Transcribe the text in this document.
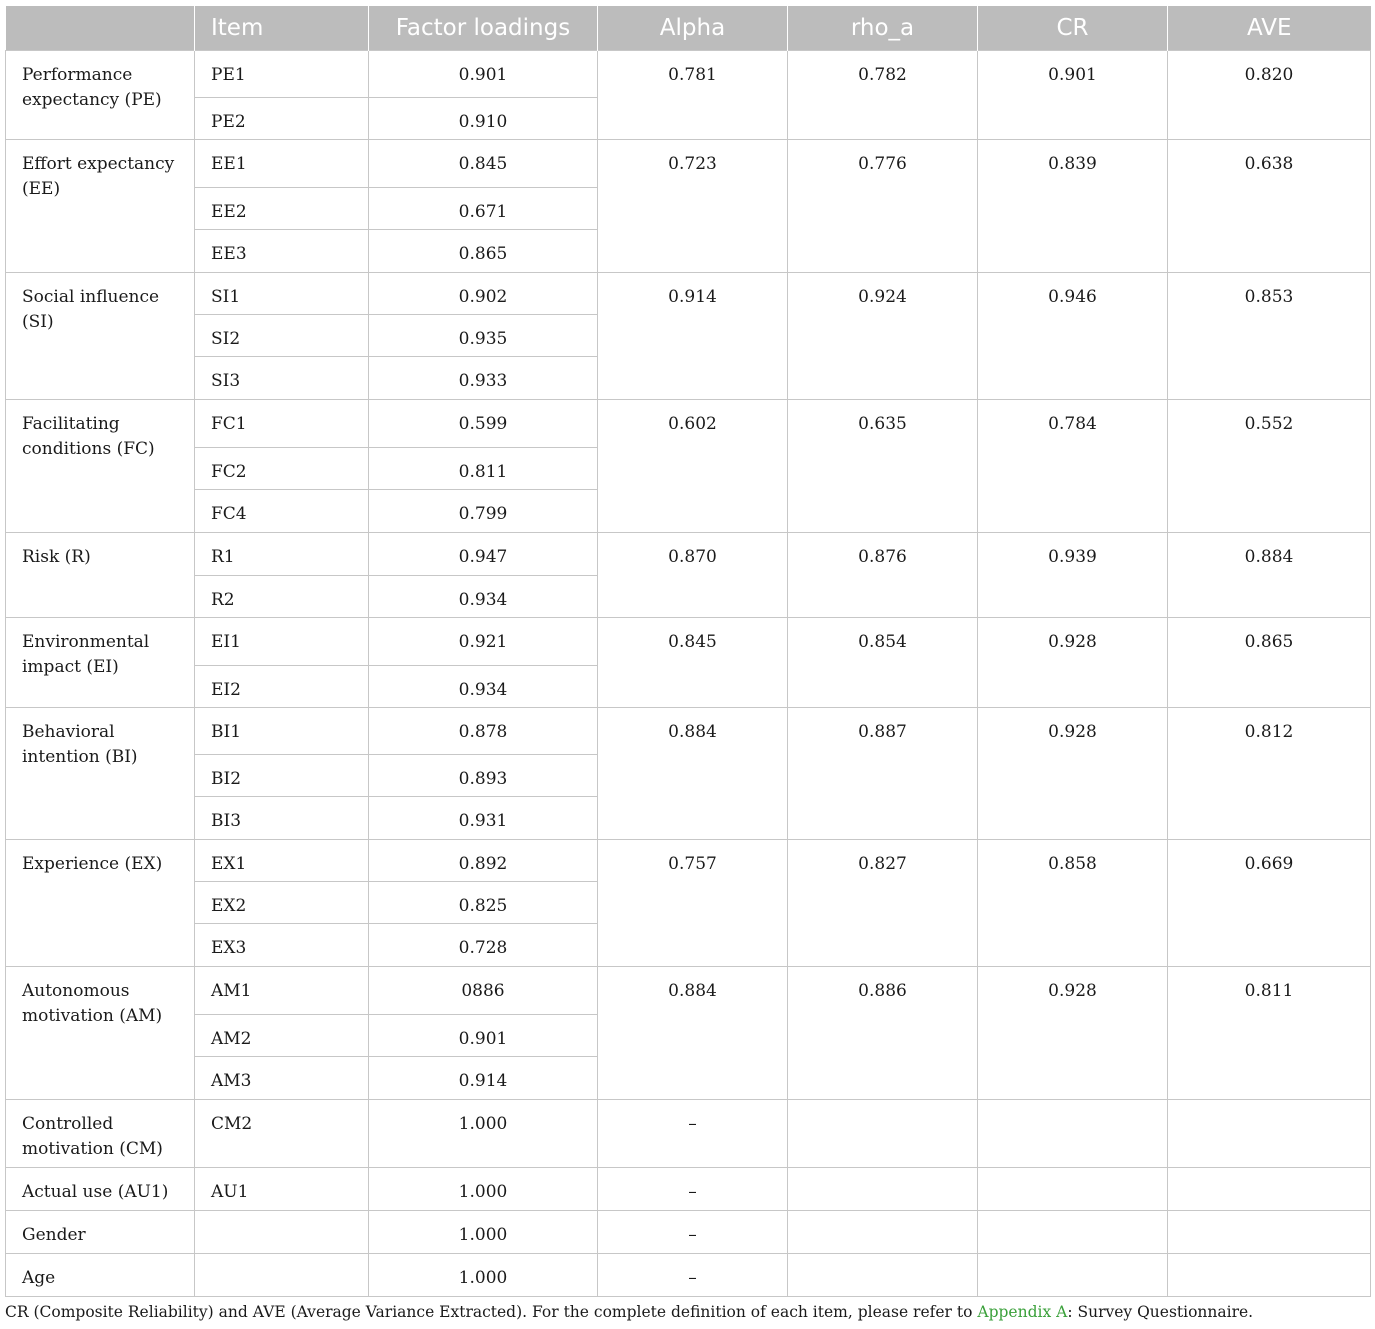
	Item	Factor loadings	Alpha	rho_a	CR	AVE
Performance expectancy (PE)	PE1	0.901	0.781	0.782	0.901	0.820
	PE2	0.910				
Effort expectancy (EE)	EE1	0.845	0.723	0.776	0.839	0.638
	EE2	0.671				
	EE3	0.865				
Social influence (SI)	SI1	0.902	0.914	0.924	0.946	0.853
	SI2	0.935				
	SI3	0.933				
Facilitating conditions (FC)	FC1	0.599	0.602	0.635	0.784	0.552
	FC2	0.811				
	FC4	0.799				
Risk (R)	R1	0.947	0.870	0.876	0.939	0.884
	R2	0.934				
Environmental impact (EI)	EI1	0.921	0.845	0.854	0.928	0.865
	EI2	0.934				
Behavioral intention (BI)	BI1	0.878	0.884	0.887	0.928	0.812
	BI2	0.893				
	BI3	0.931				
Experience (EX)	EX1	0.892	0.757	0.827	0.858	0.669
	EX2	0.825				
	EX3	0.728				
Autonomous motivation (AM)	AM1	0886	0.884	0.886	0.928	0.811
	AM2	0.901				
	AM3	0.914				
Controlled motivation (CM)	CM2	1.000	–			
Actual use (AU1)	AU1	1.000	–			
Gender		1.000	–			
Age		1.000	–			
CR (Composite Reliability) and AVE (Average Variance Extracted). For the complete definition of each item, please refer to Appendix A: Survey Questionnaire.
